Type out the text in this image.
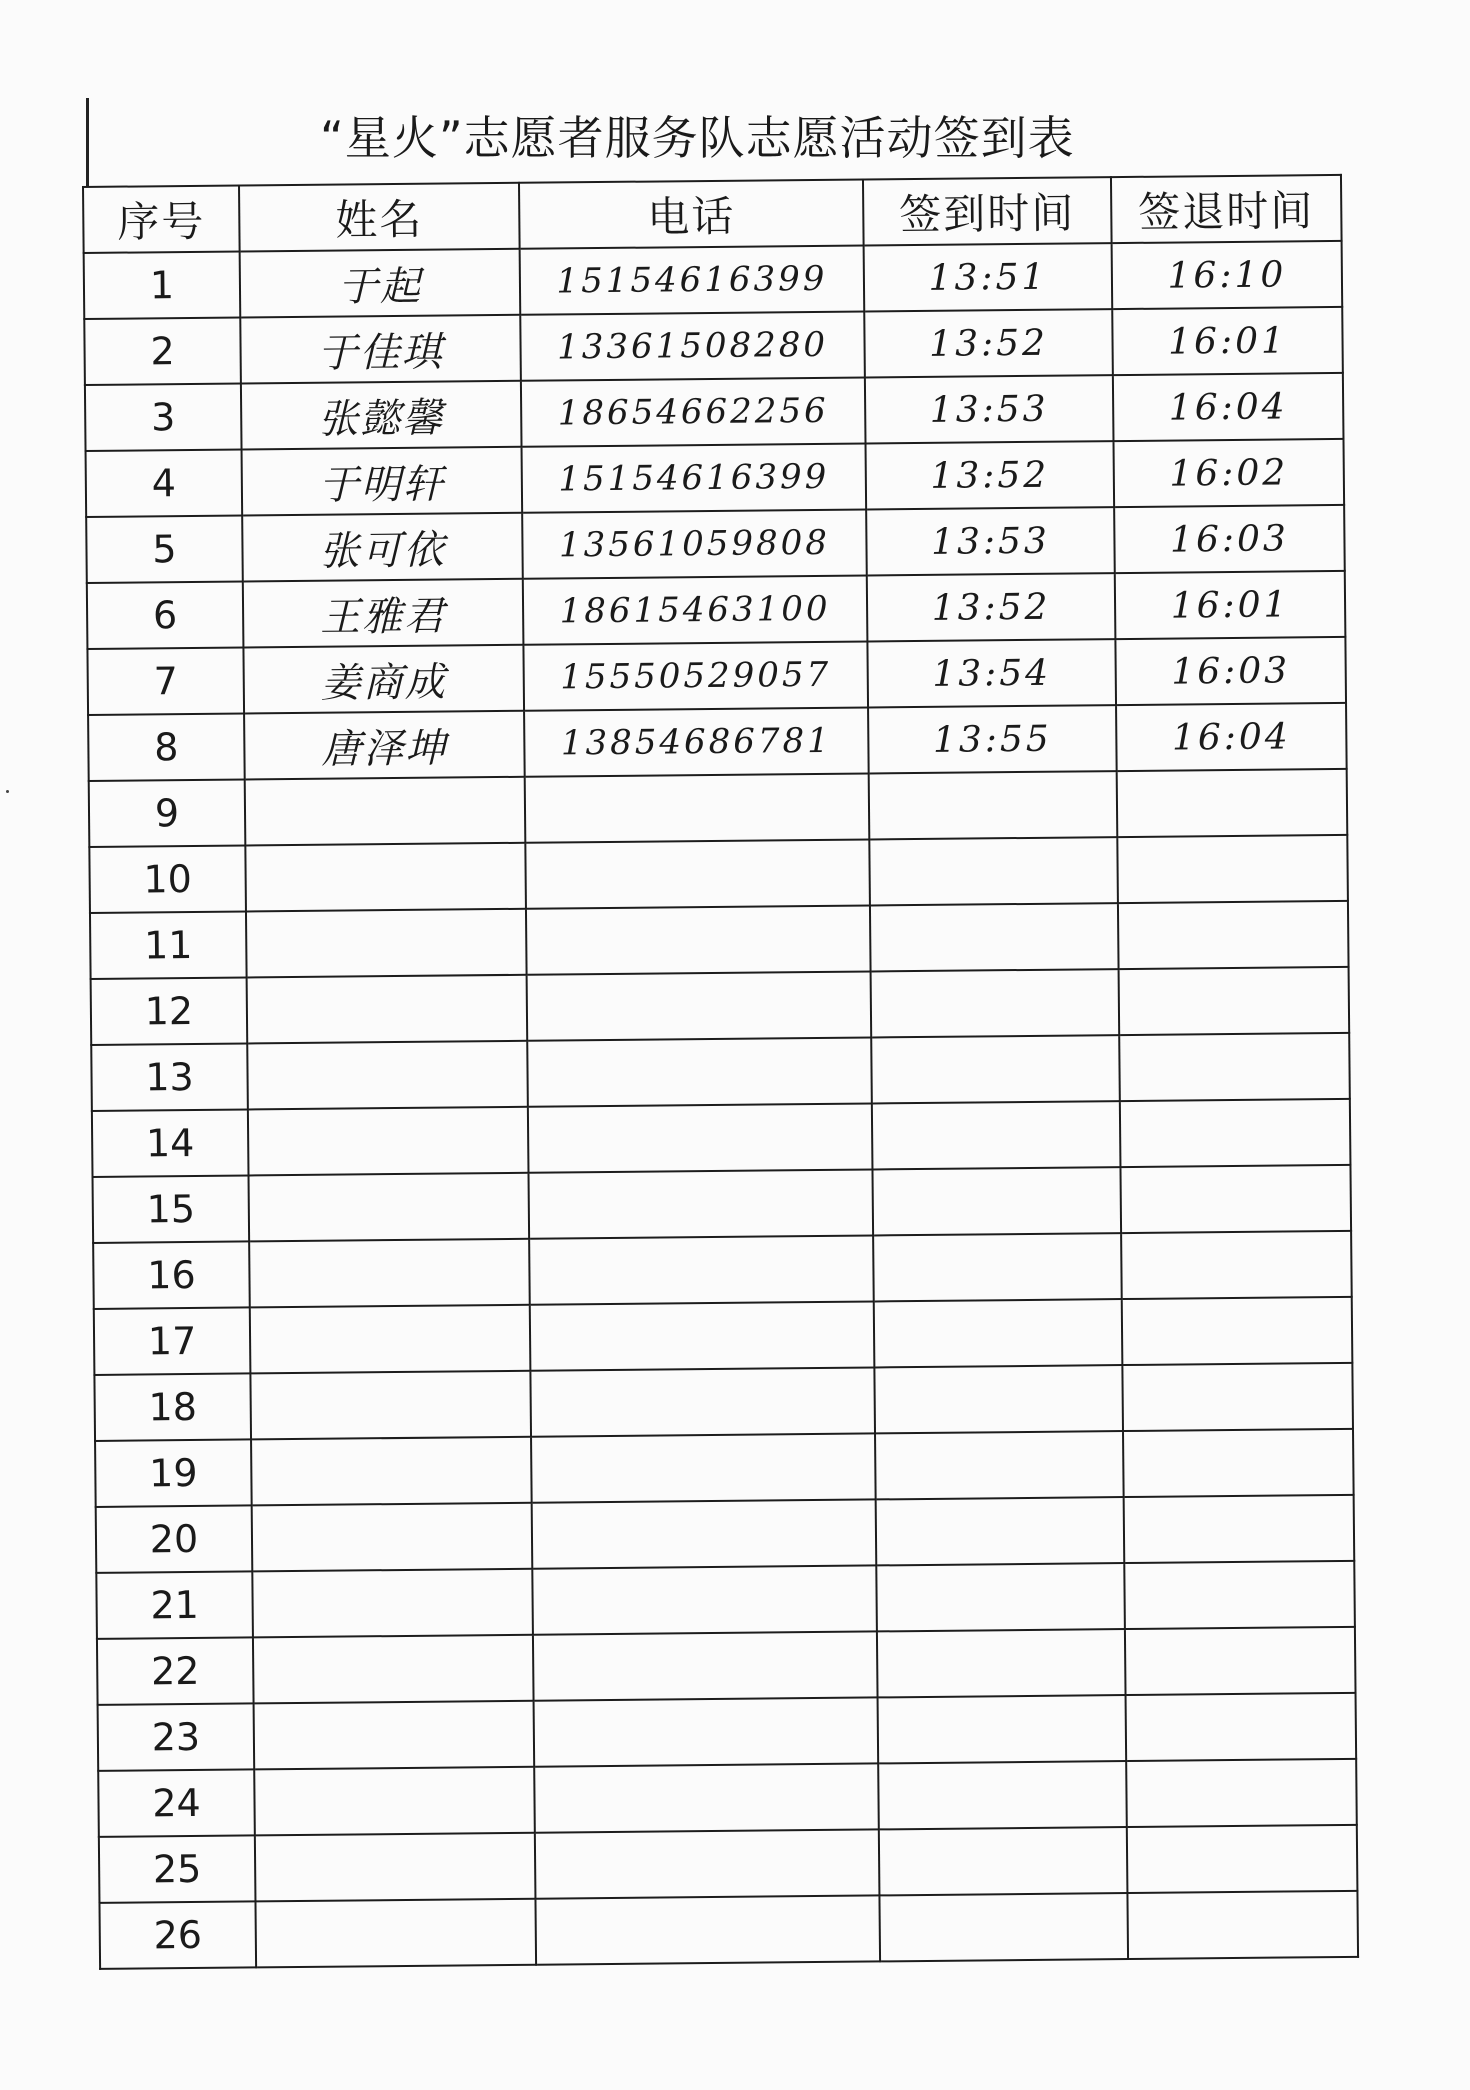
“星火”志愿者服务队志愿活动签到表
序号	姓名	电话	签到时间	签退时间
1	于起	15154616399	13:51	16:10
2	于佳琪	13361508280	13:52	16:01
3	张懿馨	18654662256	13:53	16:04
4	于明轩	15154616399	13:52	16:02
5	张可依	13561059808	13:53	16:03
6	王雅君	18615463100	13:52	16:01
7	姜商成	15550529057	13:54	16:03
8	唐泽坤	13854686781	13:55	16:04
9				
10				
11				
12				
13				
14				
15				
16				
17				
18				
19				
20				
21				
22				
23				
24				
25				
26				
